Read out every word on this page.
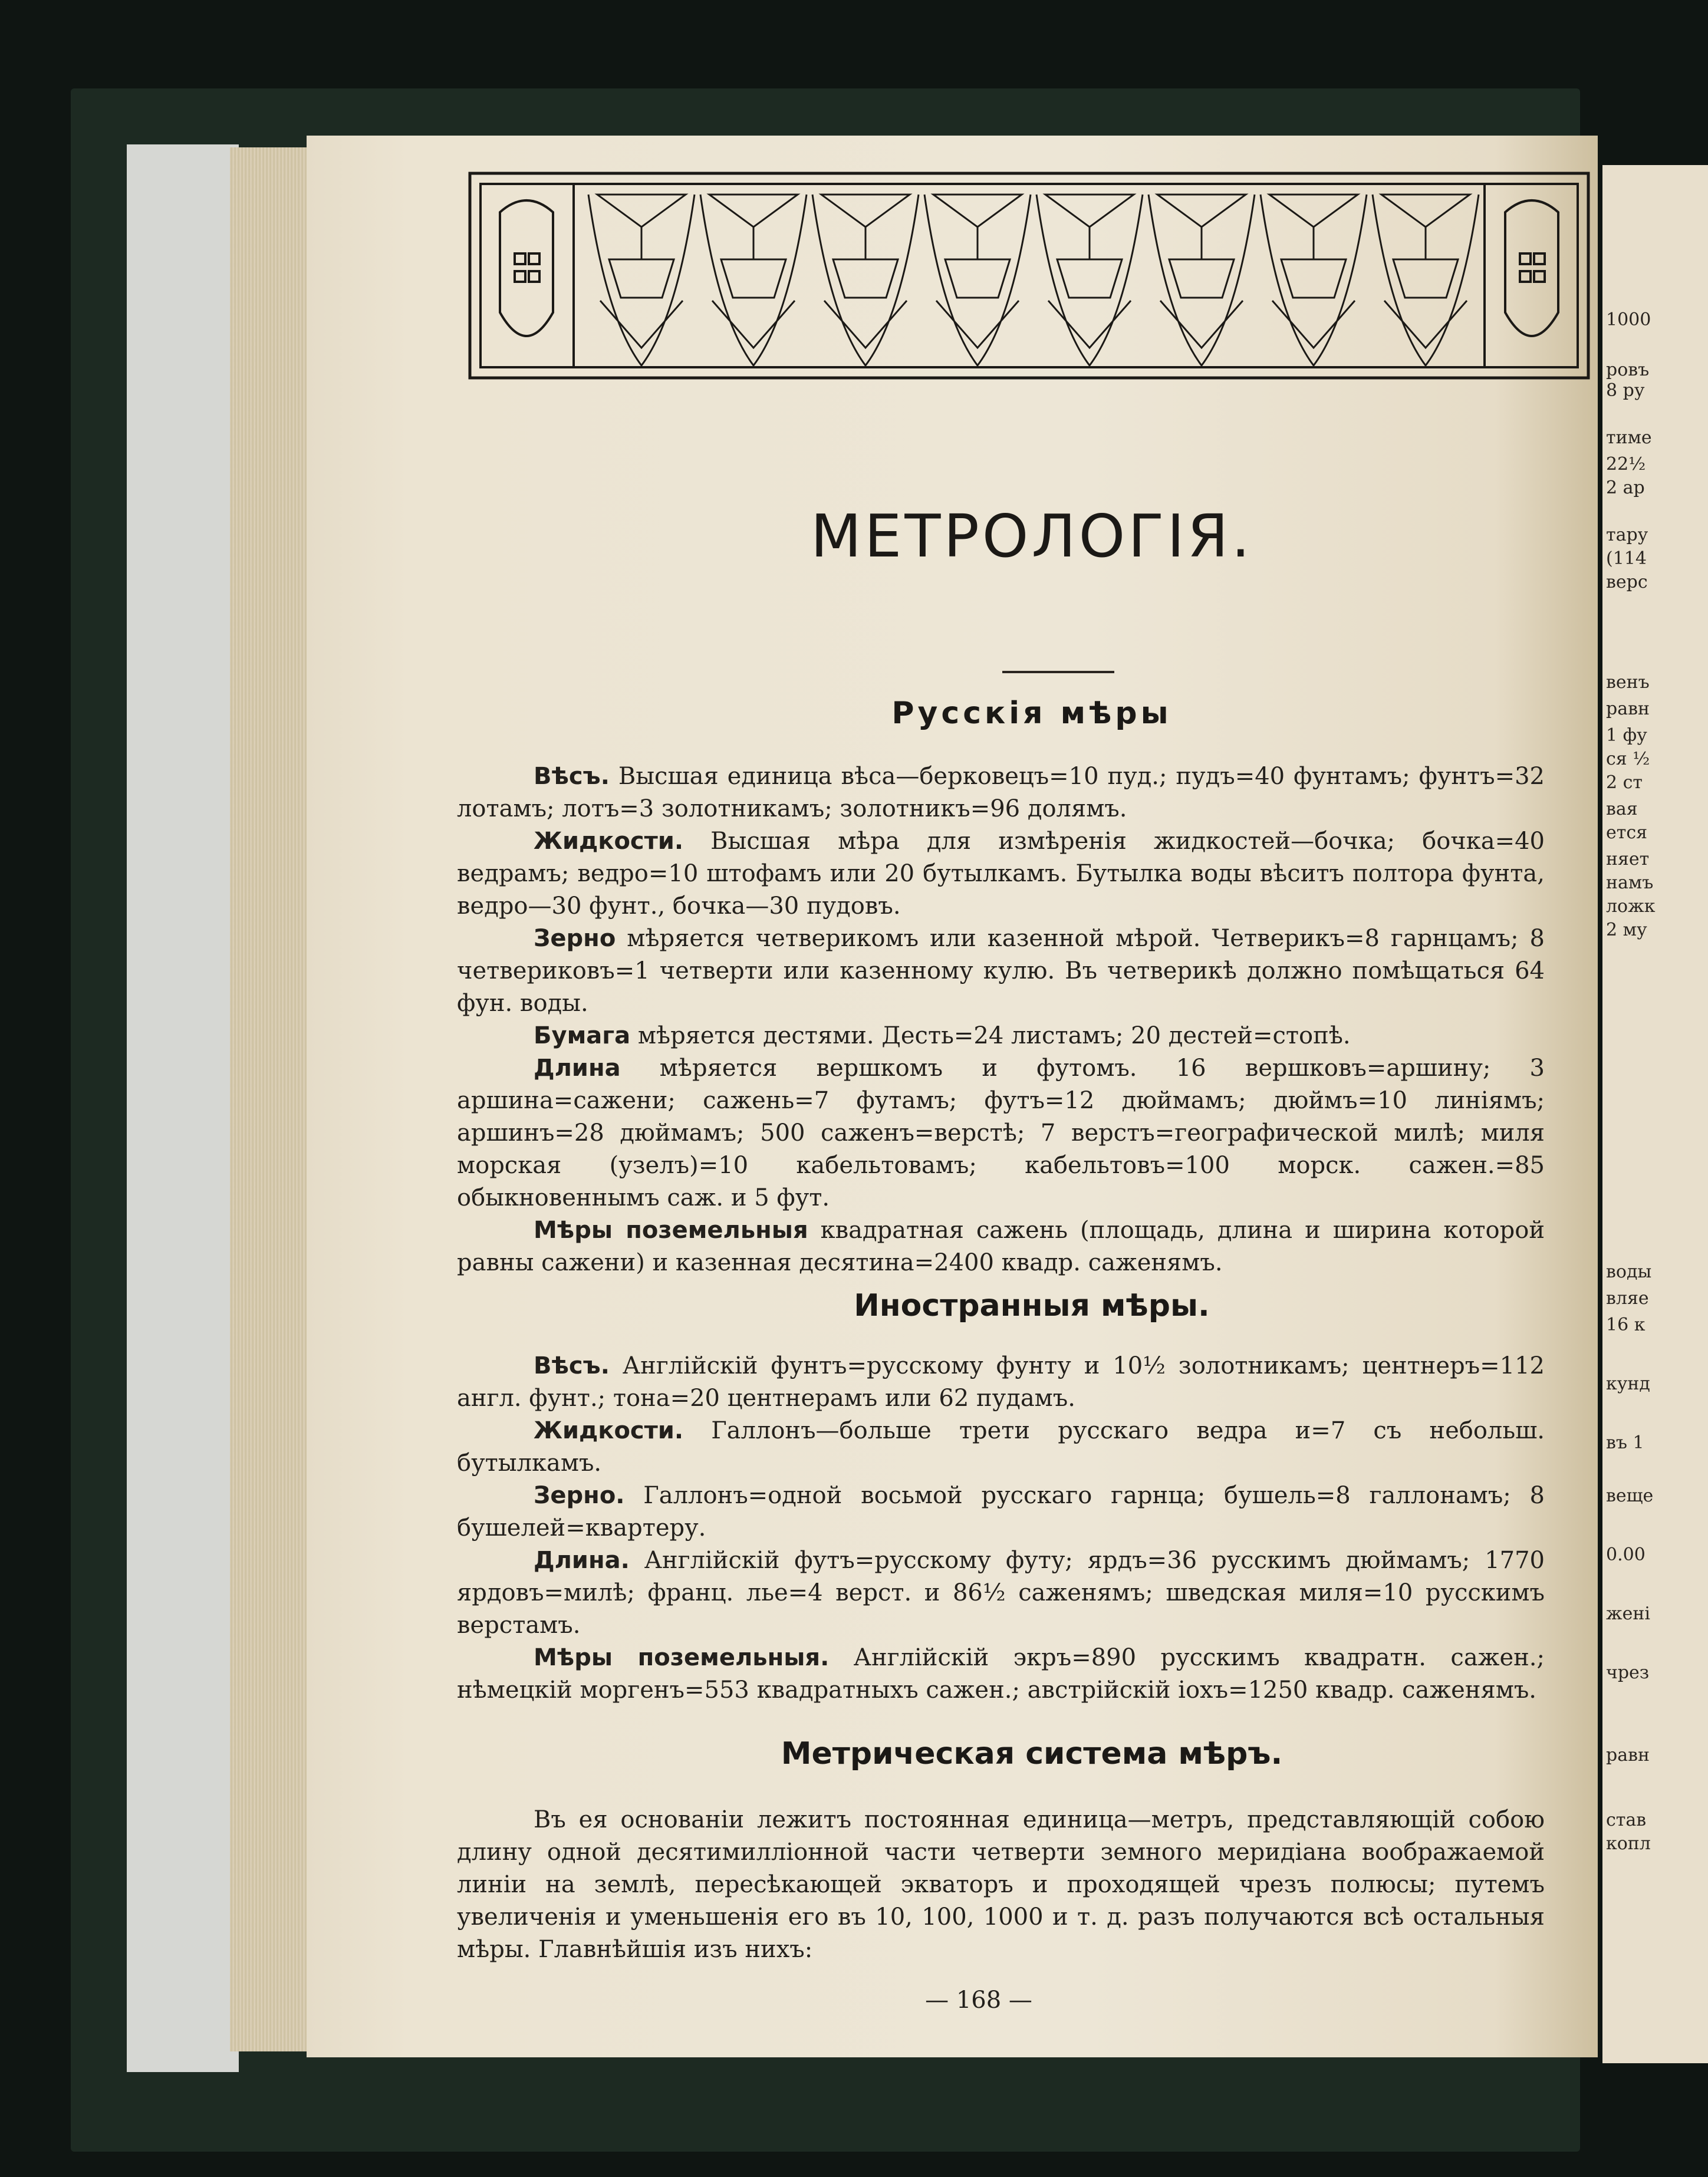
1000
ровъ
8 ру
тиме
22½
2 ар
тару
(114
верс
венъ
равн
1 фу
ся ½
2 ст
вая
ется
няет
намъ
ложк
2 му
воды
вляе
16 к
кунд
въ 1
веще
0.00
жені
чрез
равн
став
копл
МЕТРОЛОГІЯ.
Русскія мѣры

Вѣсъ. Высшая единица вѣса—берковецъ=10 пуд.; пудъ=40 фунтамъ; фунтъ=32 лотамъ; лотъ=3 золотникамъ; золотникъ=96 долямъ.

Жидкости. Высшая мѣра для измѣренія жидкостей—бочка; бочка=40 ведрамъ; ведро=10 штофамъ или 20 бутылкамъ. Бутылка воды вѣситъ полтора фунта, ведро—30 фунт., бочка—30 пудовъ.

Зерно мѣряется четверикомъ или казенной мѣрой. Четверикъ=8 гарнцамъ; 8 четвериковъ=1 четверти или казенному кулю. Въ четверикѣ должно помѣщаться 64 фун. воды.

Бумага мѣряется дестями. Десть=24 листамъ; 20 дестей=стопѣ.

Длина мѣряется вершкомъ и футомъ. 16 вершковъ=аршину; 3 аршина=сажени; сажень=7 футамъ; футъ=12 дюймамъ; дюймъ=10 линіямъ; аршинъ=28 дюймамъ; 500 саженъ=верстѣ; 7 верстъ=географической милѣ; миля морская (узелъ)=10 кабельтовамъ; кабельтовъ=100 морск. сажен.=85 обыкновеннымъ саж. и 5 фут.

Мѣры поземельныя квадратная сажень (площадь, длина и ширина которой равны сажени) и казенная десятина=2400 квадр. саженямъ.

Иностранныя мѣры.

Вѣсъ. Англійскій фунтъ=русскому фунту и 10½ золотникамъ; центнеръ=112 англ. фунт.; тона=20 центнерамъ или 62 пудамъ.

Жидкости. Галлонъ—больше трети русскаго ведра и=7 съ небольш. бутылкамъ.

Зерно. Галлонъ=одной восьмой русскаго гарнца; бушель=8 галлонамъ; 8 бушелей=квартеру.

Длина. Англійскій футъ=русскому футу; ярдъ=36 русскимъ дюймамъ; 1770 ярдовъ=милѣ; франц. лье=4 верст. и 86½ саженямъ; шведская миля=10 русскимъ верстамъ.

Мѣры поземельныя. Англійскій экръ=890 русскимъ квадратн. сажен.; нѣмецкій моргенъ=553 квадратныхъ сажен.; австрійскій іохъ=1250 квадр. саженямъ.

Метрическая система мѣръ.

Въ ея основаніи лежитъ постоянная единица—метръ, представляющій собою длину одной десятимилліонной части четверти земного меридіана воображаемой линіи на землѣ, пересѣкающей экваторъ и проходящей чрезъ полюсы; путемъ увеличенія и уменьшенія его въ 10, 100, 1000 и т. д. разъ получаются всѣ остальныя мѣры. Главнѣйшія изъ нихъ:

— 168 —
